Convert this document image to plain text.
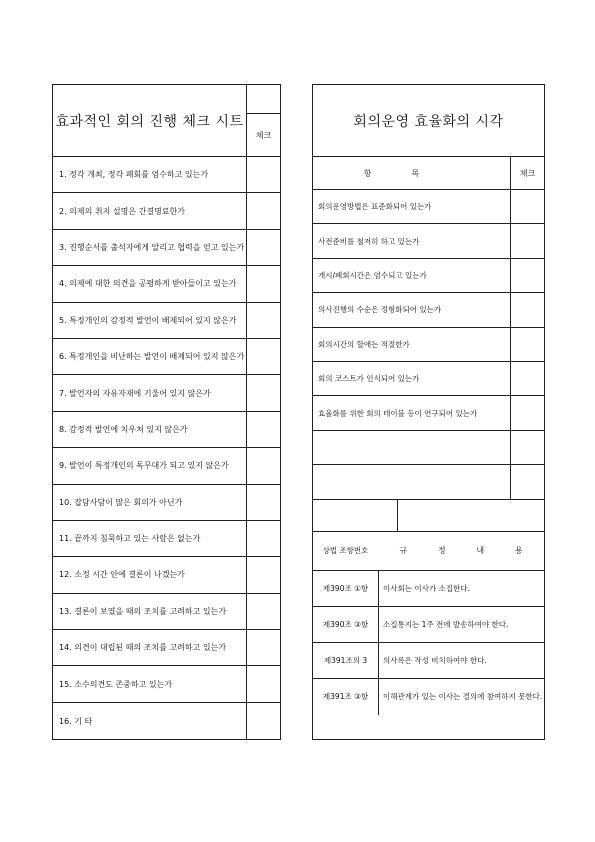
효과적인 회의 진행 체크 시트
체크
1. 정각 개최, 정각 폐회를 엄수하고 있는가
2. 의제의 취지 설명은 간결명료한가
3. 진행순서를 출석자에게 알리고 협력을 얻고 있는가
4. 의제에 대한 의견을 공평하게 받아들이고 있는가
5. 특정개인의 감정적 발언이 배제되어 있지 않은가
6. 특정개인을 비난하는 발언이 배제되어 있지 않은가
7. 발언자의 자유자재에 기울어 있지 않은가
8. 감정적 발언에 치우쳐 있지 않은가
9. 발언이 특정개인의 독무대가 되고 있지 않은가
10. 잡담사담이 많은 회의가 아닌가
11. 끝까지 침묵하고 있는 사람은 없는가
12. 소정 시간 안에 결론이 나겠는가
13. 결론이 보였을 때의 조치를 고려하고 있는가
14. 의견이 대립된 때의 조치를 고려하고 있는가
15. 소수의견도 존중하고 있는가
16. 기 타
회의운영 효율화의 시각
항목	체크
회의운영방법은 표준화되어 있는가
사전준비를 철저히 하고 있는가
개시/폐회시간은 엄수되고 있는가
의사진행의 수순은 정형화되어 있는가
회의시간의 할애는 적절한가
회의 코스트가 인식되어 있는가
효율화를 위한 회의 테이블 등이 연구되어 있는가
상법 조항번호	규	정	내	용
제390조 ①항	이사회는 이사가 소집한다.
제390조 ③항	소집통지는 1주 전에 발송하여야 한다.
제391조의 3	의사록은 작성 비치하여야 한다.
제391조 ③항	이해관계가 있는 이사는 결의에 참여하지 못한다.
